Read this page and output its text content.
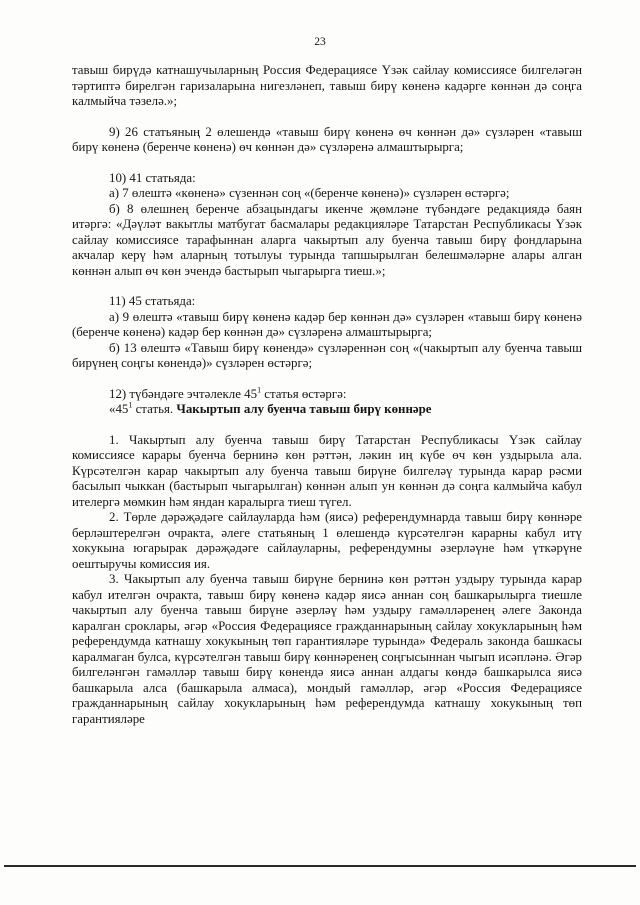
23

тавыш бирүдә катнашучыларның Россия Федерациясе Үзәк сайлау комиссиясе билгеләгән тәртиптә бирелгән гаризаларына нигезләнеп, тавыш бирү көненә кадәрге көннән дә соңга калмыйча тәзелә.»;

9) 26 статьяның 2 өлешендә «тавыш бирү көненә өч көннән дә» сүзләрен «тавыш бирү көненә (беренче көненә) өч көннән дә» сүзләренә алмаштырырга;

10) 41 статьяда:

а) 7 өлештә «көненә» сүзеннән соң «(беренче көненә)» сүзләрен өстәргә;

б) 8 өлешнең беренче абзацындагы икенче җөмләне түбәндәге редакциядә баян итәргә: «Дәүләт вакытлы матбугат басмалары редакцияләре Татарстан Республикасы Үзәк сайлау комиссиясе тарафыннан аларга чакыртып алу буенча тавыш бирү фондларына акчалар керү һәм аларның тотылуы турында тапшырылган белешмәләрне алары алган көннән алып өч көн эчендә бастырып чыгарырга тиеш.»;

11) 45 статьяда:

а) 9 өлештә «тавыш бирү көненә кадәр бер көннән дә» сүзләрен «тавыш бирү көненә (беренче көненә) кадәр бер көннән дә» сүзләренә алмаштырырга;

б) 13 өлештә «Тавыш бирү көнендә» сүзләреннән соң «(чакыртып алу буенча тавыш бирүнең соңгы көнендә)» сүзләрен өстәргә;

12) түбәндәге эчтәлекле $45^1$ статья өстәргә:

«$45^1$ статья. Чакыртып алу буенча тавыш бирү көннәре

1. Чакыртып алу буенча тавыш бирү Татарстан Республикасы Үзәк сайлау комиссиясе карары буенча бернинә көн рәттән, ләкин иң күбе өч көн уздырыла ала. Күрсәтелгән карар чакыртып алу буенча тавыш бирүне билгеләү турында карар рәсми басылып чыккан (бастырып чыгарылган) көннән алып ун көннән дә соңга калмыйча кабул ителергә мөмкин һәм яндан каралырга тиеш түгел.

2. Төрле дәрәҗәдәге сайлауларда һәм (яисә) референдумнарда тавыш бирү көннәре берләштерелгән очракта, әлеге статьяның 1 өлешендә күрсәтелгән карарны кабул итү хокукына югарырак дәрәҗәдәге сайлауларны, референдумны әзерләүне һәм үткәрүне оештыручы комиссия ия.

3. Чакыртып алу буенча тавыш бирүне бернинә көн рәттән уздыру турында карар кабул ителгән очракта, тавыш бирү көненә кадәр яисә аннан соң башкарылырга тиешле чакыртып алу буенча тавыш бирүне әзерләү һәм уздыру гамәлләренең әлеге Законда каралган сроклары, әгәр «Россия Федерациясе гражданнарының сайлау хокукларының һәм референдумда катнашу хокукының төп гарантияләре турында» Федераль законда башкасы каралмаган булса, күрсәтелгән тавыш бирү көннәренең соңгысыннан чыгып исәпләнә. Әгәр билгеләнгән гамәлләр тавыш бирү көнендә яисә аннан алдагы көндә башкарылса яисә башкарыла алса (башкарыла алмаса), мондый гамәлләр, әгәр «Россия Федерациясе гражданнарының сайлау хокукларының һәм референдумда катнашу хокукының төп гарантияләре
